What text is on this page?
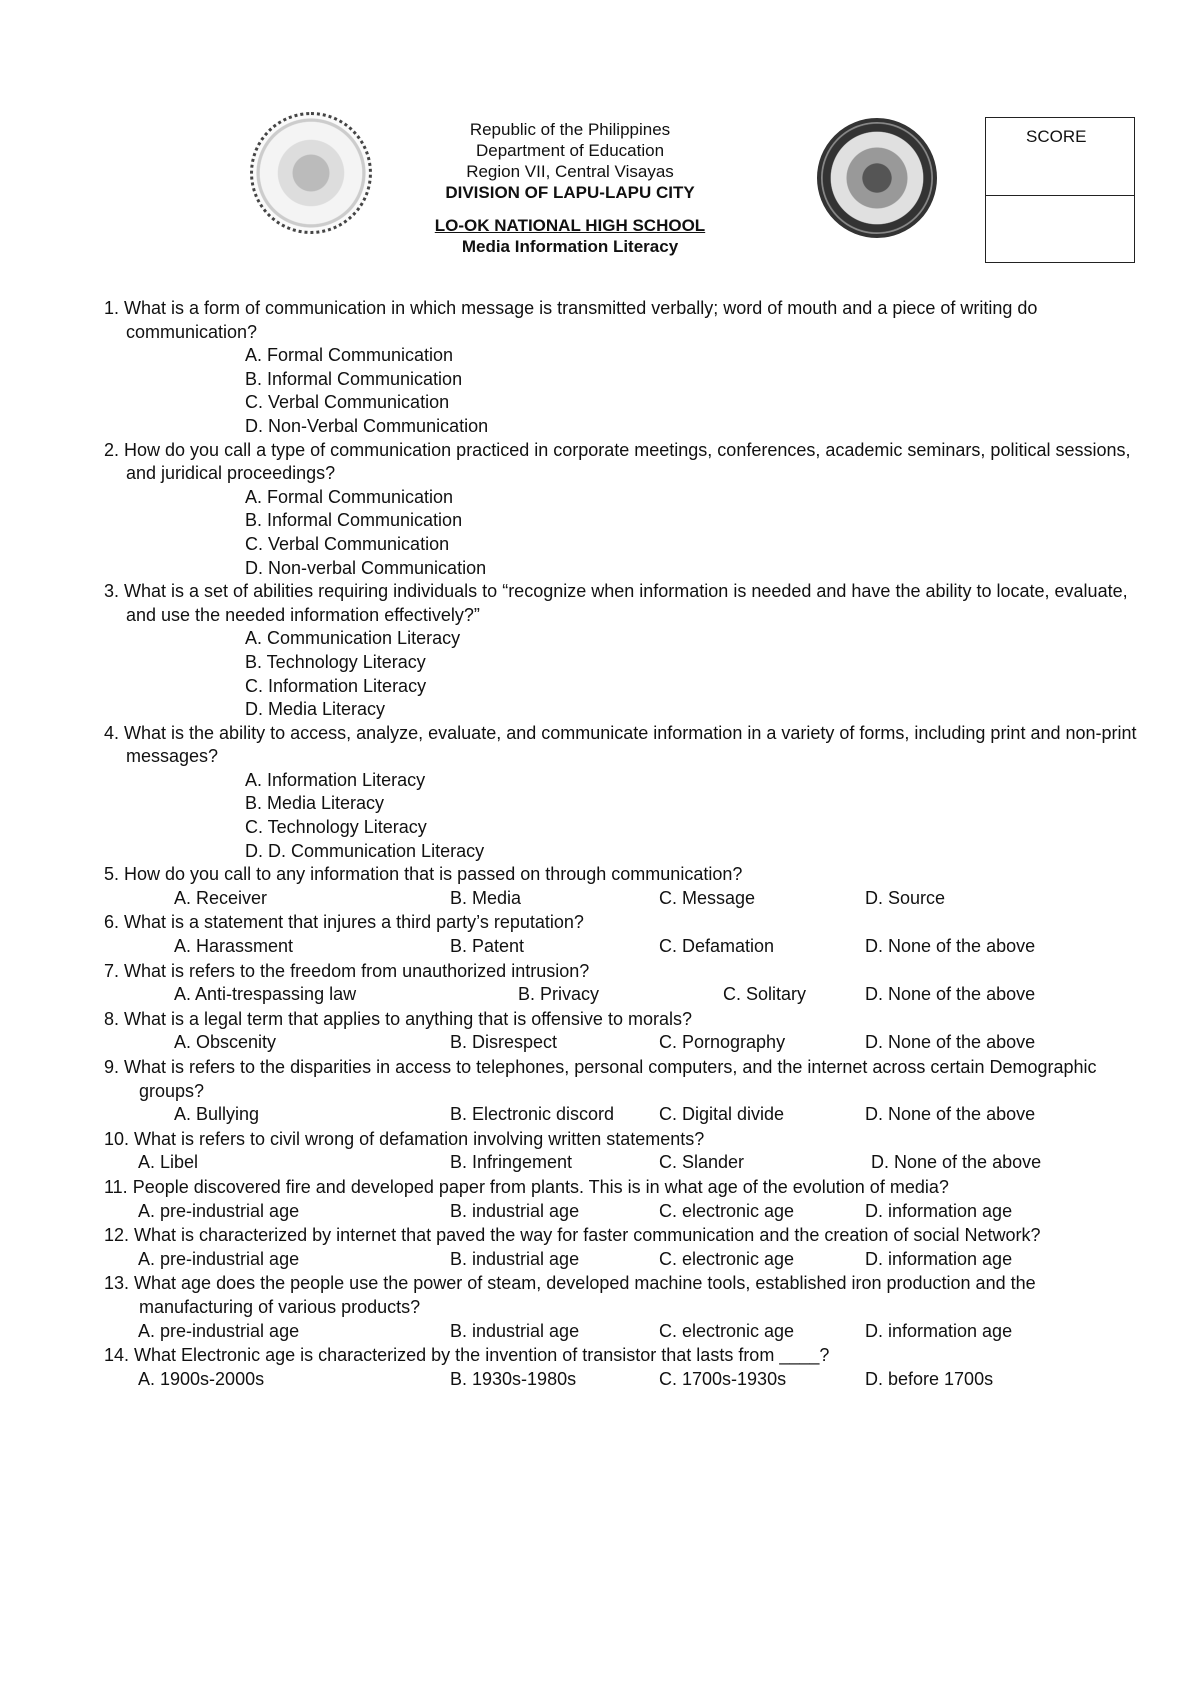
Republic of the Philippines
Department of Education
Region VII, Central Visayas
DIVISION OF LAPU-LAPU CITY
LO-OK NATIONAL HIGH SCHOOL
Media Information Literacy
SCORE
1. What is a form of communication in which message is transmitted verbally; word of mouth and a piece of writing do communication?
A. Formal Communication
B. Informal Communication
C. Verbal Communication
D. Non-Verbal Communication
2. How do you call a type of communication practiced in corporate meetings, conferences, academic seminars, political sessions, and juridical proceedings?
A. Formal Communication
B. Informal Communication
C. Verbal Communication
D. Non-verbal Communication
3. What is a set of abilities requiring individuals to “recognize when information is needed and have the ability to locate, evaluate, and use the needed information effectively?”
A. Communication Literacy
B. Technology Literacy
C. Information Literacy
D. Media Literacy
4. What is the ability to access, analyze, evaluate, and communicate information in a variety of forms, including print and non-print messages?
A. Information Literacy
B. Media Literacy
C. Technology Literacy
D. D. Communication Literacy
5. How do you call to any information that is passed on through communication?
A. Receiver	B. Media	C. Message	D. Source
6. What is a statement that injures a third party’s reputation?
A. Harassment	B. Patent	C. Defamation	D. None of the above
7. What is refers to the freedom from unauthorized intrusion?
A. Anti-trespassing law	B. Privacy	C. Solitary	D. None of the above
8. What is a legal term that applies to anything that is offensive to morals?
A. Obscenity	B. Disrespect	C. Pornography	D. None of the above
9. What is refers to the disparities in access to telephones, personal computers, and the internet across certain Demographic groups?
A. Bullying	B. Electronic discord C. Digital divide	D. None of the above
10. What is refers to civil wrong of defamation involving written statements?
A. Libel	B. Infringement	C. Slander	D. None of the above
11. People discovered fire and developed paper from plants. This is in what age of the evolution of media?
A. pre-industrial age	B. industrial age	C. electronic age	D. information age
12. What is characterized by internet that paved the way for faster communication and the creation of social Network?
A. pre-industrial age	B. industrial age	C. electronic age	D. information age
13. What age does the people use the power of steam, developed machine tools, established iron production and the manufacturing of various products?
A. pre-industrial age	B. industrial age	C. electronic age	D. information age
14. What Electronic age is characterized by the invention of transistor that lasts from ____?
A. 1900s-2000s	B. 1930s-1980s	C. 1700s-1930s	D. before 1700s
